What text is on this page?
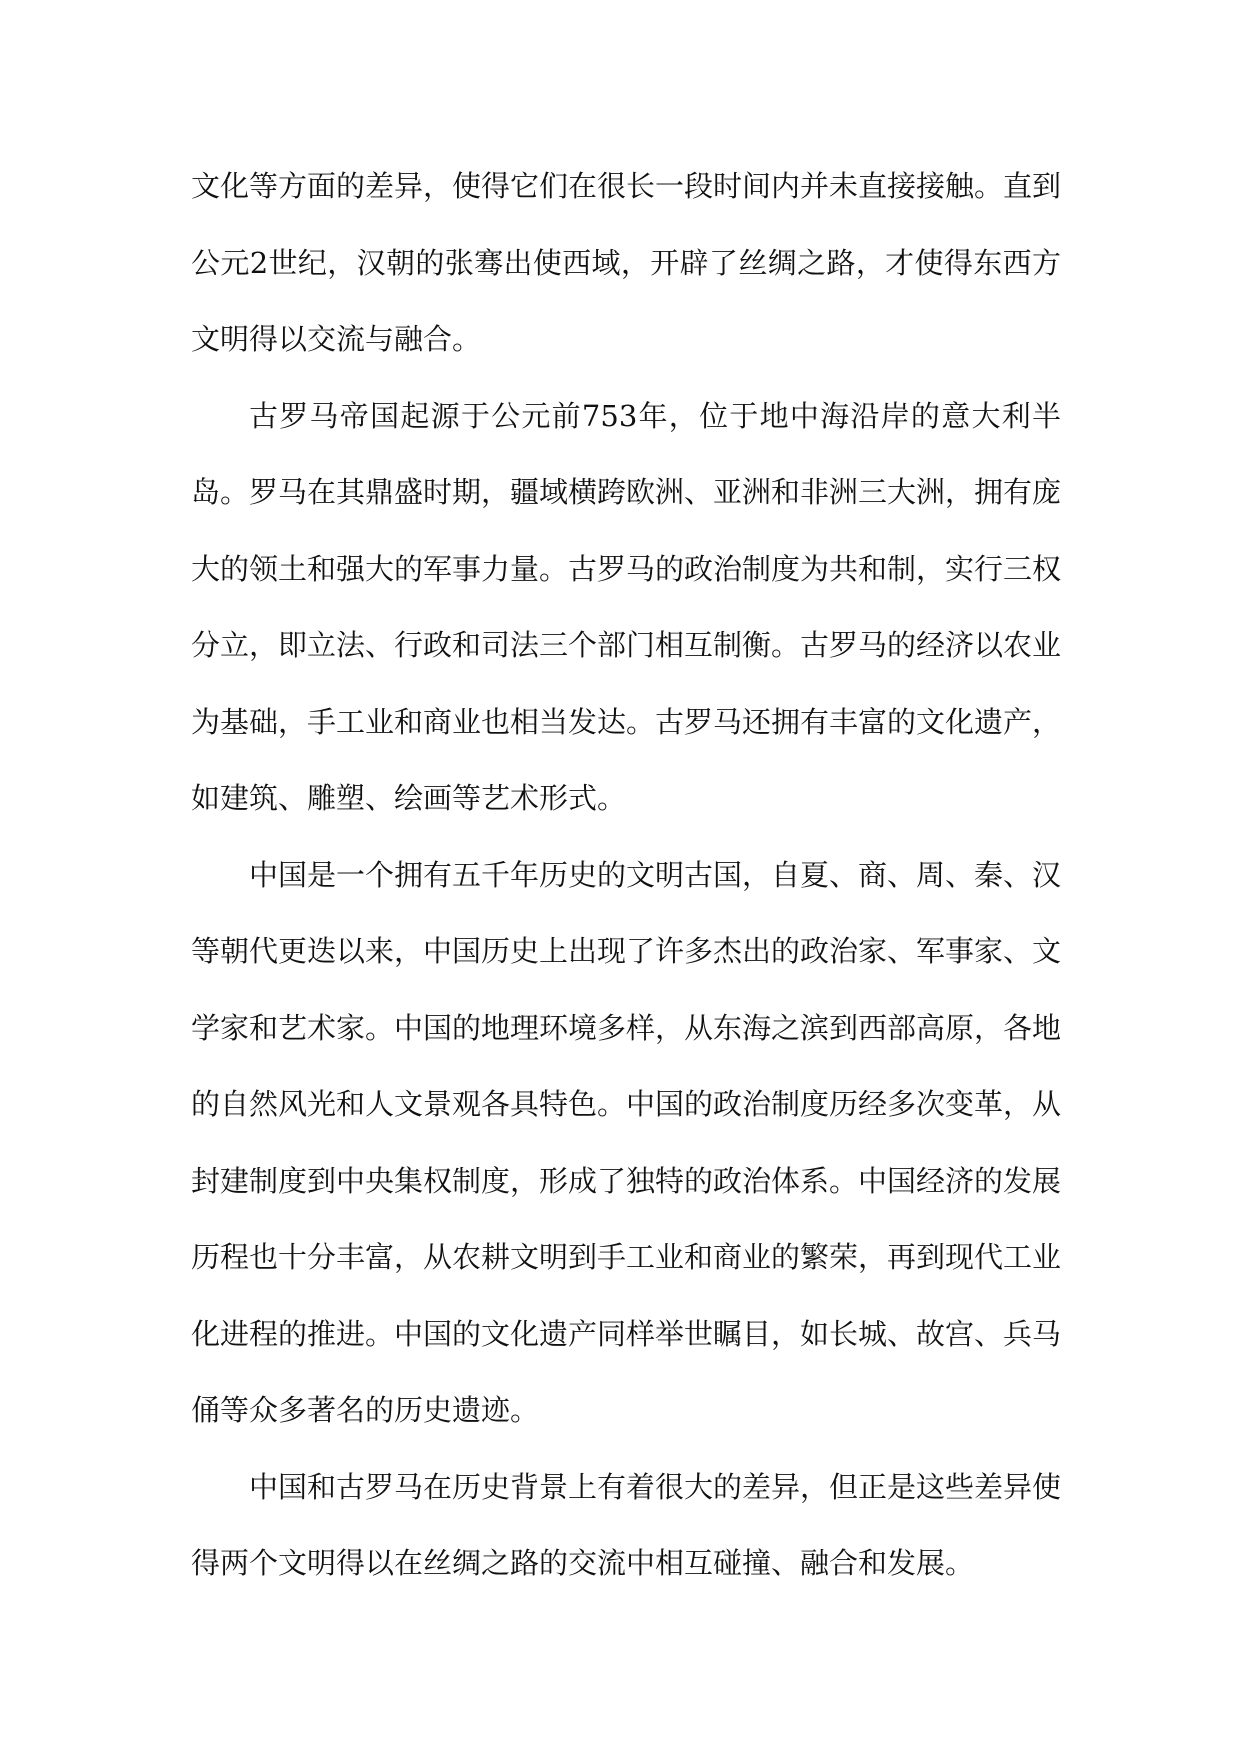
文化等方面的差异，使得它们在很长一段时间内并未直接接触。直到公元2世纪，汉朝的张骞出使西域，开辟了丝绸之路，才使得东西方文明得以交流与融合。

古罗马帝国起源于公元前753年，位于地中海沿岸的意大利半岛。罗马在其鼎盛时期，疆域横跨欧洲、亚洲和非洲三大洲，拥有庞大的领土和强大的军事力量。古罗马的政治制度为共和制，实行三权分立，即立法、行政和司法三个部门相互制衡。古罗马的经济以农业为基础，手工业和商业也相当发达。古罗马还拥有丰富的文化遗产，如建筑、雕塑、绘画等艺术形式。

中国是一个拥有五千年历史的文明古国，自夏、商、周、秦、汉等朝代更迭以来，中国历史上出现了许多杰出的政治家、军事家、文学家和艺术家。中国的地理环境多样，从东海之滨到西部高原，各地的自然风光和人文景观各具特色。中国的政治制度历经多次变革，从封建制度到中央集权制度，形成了独特的政治体系。中国经济的发展历程也十分丰富，从农耕文明到手工业和商业的繁荣，再到现代工业化进程的推进。中国的文化遗产同样举世瞩目，如长城、故宫、兵马俑等众多著名的历史遗迹。

中国和古罗马在历史背景上有着很大的差异，但正是这些差异使得两个文明得以在丝绸之路的交流中相互碰撞、融合和发展。
